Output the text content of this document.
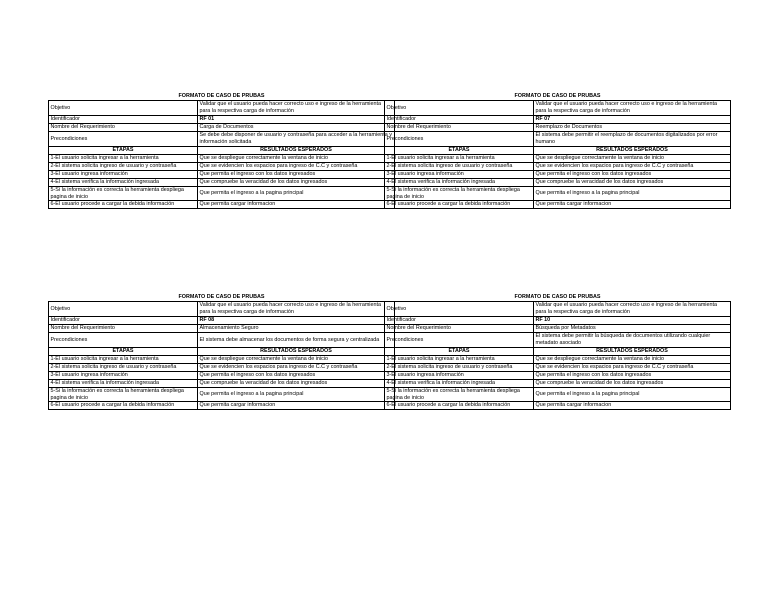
FORMATO DE CASO DE PRUBAS	
Objetivo	Validar que el usuario pueda hacer correcto uso e ingreso de la herramienta para la respectiva carga de información
Identificador	RF 01
Nombre del Requerimiento	Carga de Documentos
Precondiciones	Se debe debe disponer de usuario y contraseña para acceder a la herramienta y información solicitada
ETAPAS	RESULTADOS ESPERADOS
1-El usuario solicita ingresar a la herramienta	Que se despliegue correctamente la ventana de inicio
2-El sistema solicita ingreso de usuario y contraseña	Que se evidencien los espacios para ingreso de C.C y contraseña
3-El usuario ingresa información	Que permita el ingreso con los datos ingresados
4-El sistema verifica la información ingresada	Que compruebe la veracidad de los datos ingresados
5-Si la información es correcta la herramienta despliega pagina de inicio	Que permita el ingreso a la pagina principal
6-El usuario procede a cargar la debida información	Que permita cargar informacion
FORMATO DE CASO DE PRUBAS	
Objetivo	Validar que el usuario pueda hacer correcto uso e ingreso de la herramienta para la respectiva carga de información
Identificador	RF 07
Nombre del Requerimiento	Reemplazo de Documentos
Precondiciones	El sistema debe permitir el reemplazo de documentos digitalizados por error humano
ETAPAS	RESULTADOS ESPERADOS
1-El usuario solicita ingresar a la herramienta	Que se despliegue correctamente la ventana de inicio
2-El sistema solicita ingreso de usuario y contraseña	Que se evidencien los espacios para ingreso de C.C y contraseña
3-El usuario ingresa información	Que permita el ingreso con los datos ingresados
4-El sistema verifica la información ingresada	Que compruebe la veracidad de los datos ingresados
5-Si la información es correcta la herramienta despliega pagina de inicio	Que permita el ingreso a la pagina principal
6-El usuario procede a cargar la debida información	Que permita cargar informacion
FORMATO DE CASO DE PRUBAS	
Objetivo	Validar que el usuario pueda hacer correcto uso e ingreso de la herramienta para la respectiva carga de información
Identificador	RF 08
Nombre del Requerimiento	Almacenamiento Seguro
Precondiciones	El sistema debe almacenar los documentos de forma segura y centralizada
ETAPAS	RESULTADOS ESPERADOS
1-El usuario solicita ingresar a la herramienta	Que se despliegue correctamente la ventana de inicio
2-El sistema solicita ingreso de usuario y contraseña	Que se evidencien los espacios para ingreso de C.C y contraseña
3-El usuario ingresa información	Que permita el ingreso con los datos ingresados
4-El sistema verifica la información ingresada	Que compruebe la veracidad de los datos ingresados
5-Si la información es correcta la herramienta despliega pagina de inicio	Que permita el ingreso a la pagina principal
6-El usuario procede a cargar la debida información	Que permita cargar informacion
FORMATO DE CASO DE PRUBAS	
Objetivo	Validar que el usuario pueda hacer correcto uso e ingreso de la herramienta para la respectiva carga de información
Identificador	RF 10
Nombre del Requerimiento	Búsqueda por Metadatos
Precondiciones	El sistema debe permitir la búsqueda de documentos utilizando cualquier metadato asociado
ETAPAS	RESULTADOS ESPERADOS
1-El usuario solicita ingresar a la herramienta	Que se despliegue correctamente la ventana de inicio
2-El sistema solicita ingreso de usuario y contraseña	Que se evidencien los espacios para ingreso de C.C y contraseña
3-El usuario ingresa información	Que permita el ingreso con los datos ingresados
4-El sistema verifica la información ingresada	Que compruebe la veracidad de los datos ingresados
5-Si la información es correcta la herramienta despliega pagina de inicio	Que permita el ingreso a la pagina principal
6-El usuario procede a cargar la debida información	Que permita cargar informacion
